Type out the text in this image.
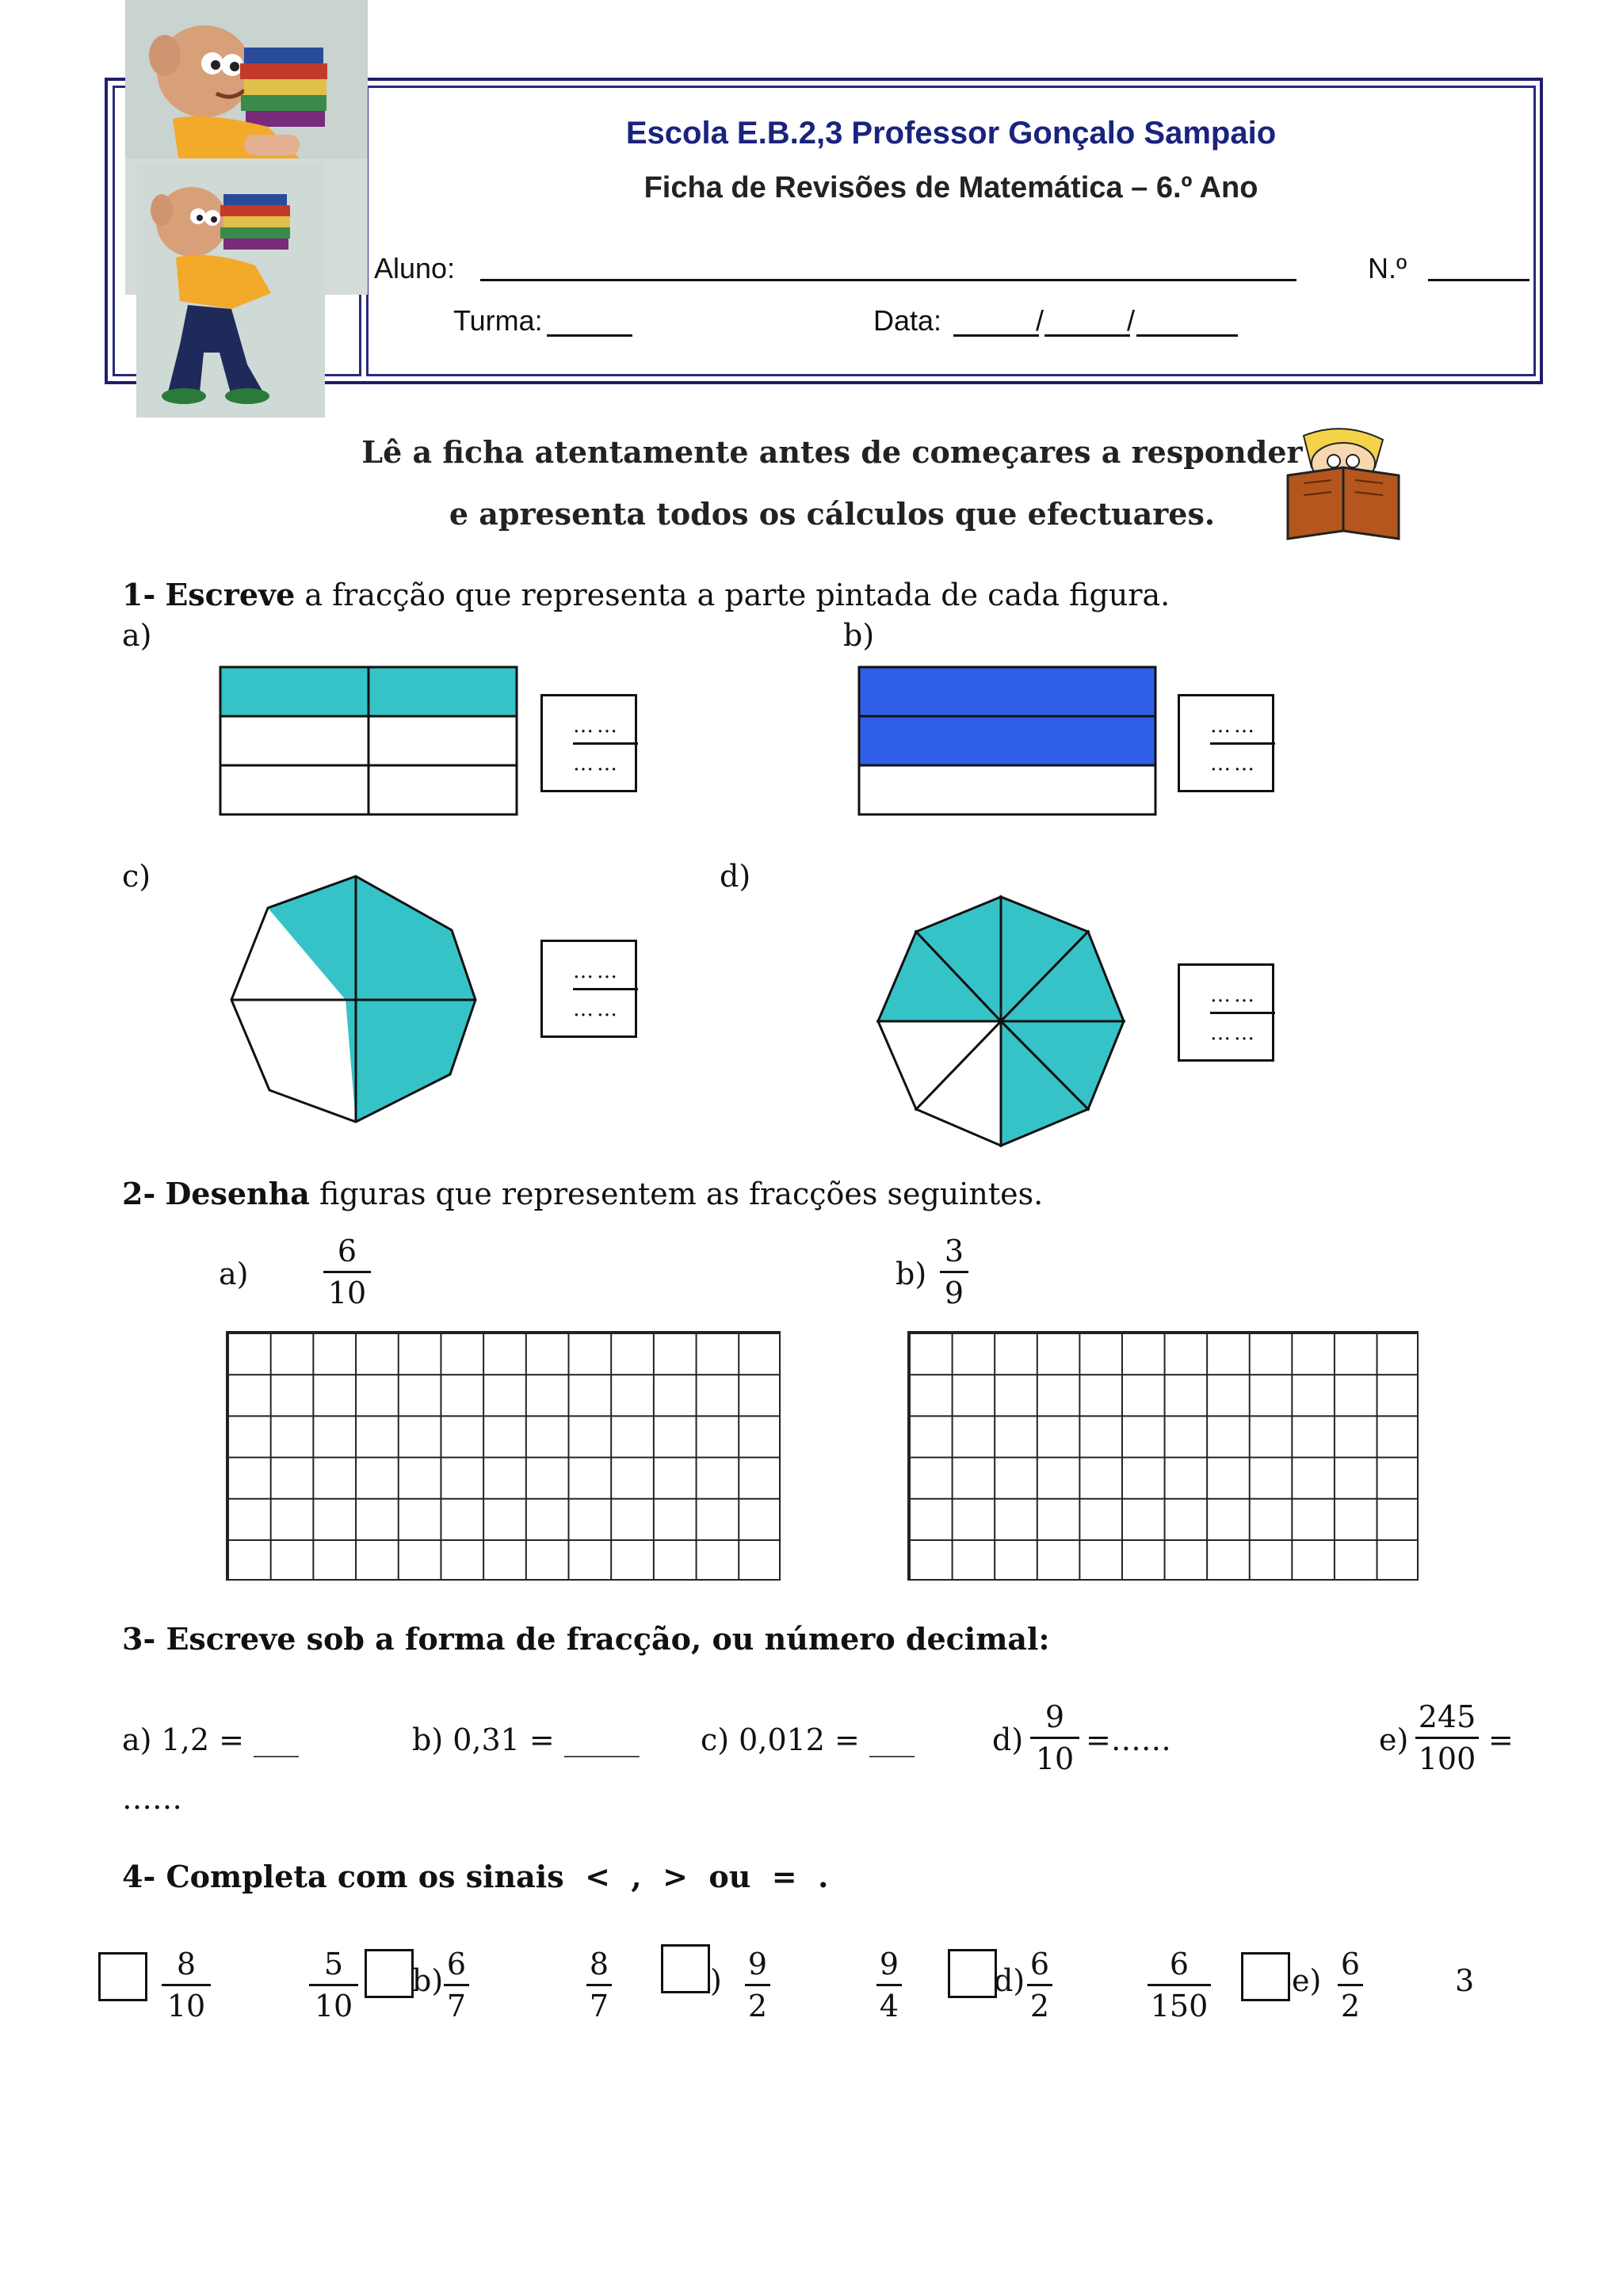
Escola E.B.2,3 Professor Gonçalo Sampaio
Ficha de Revisões de Matemática – 6.º Ano
Aluno:	N.º
Turma:	Data:	/	/
Lê a ficha atentamente antes de começares a responder
e apresenta todos os cálculos que efectuares.
1- Escreve a fracção que representa a parte pintada de cada figura.
a)	b)
……
……
……
……
c)	d)
……
……
……
……
2- Desenha figuras que representem as fracções seguintes.
a)
6
10
b)
3
9
3- Escreve sob a forma de fracção, ou número decimal:
a) 1,2 = ___	b) 0,31 = _____ c) 0,012 = ___	d)
9
10
=……	e)
245
100
=
……
4- Completa com os sinais  <  ,  >  ou  =  .
8
10
5
10
b) 6
7
8
7
) 9
2
9
4
d) 6
2
6
150
e) 6
2
3
